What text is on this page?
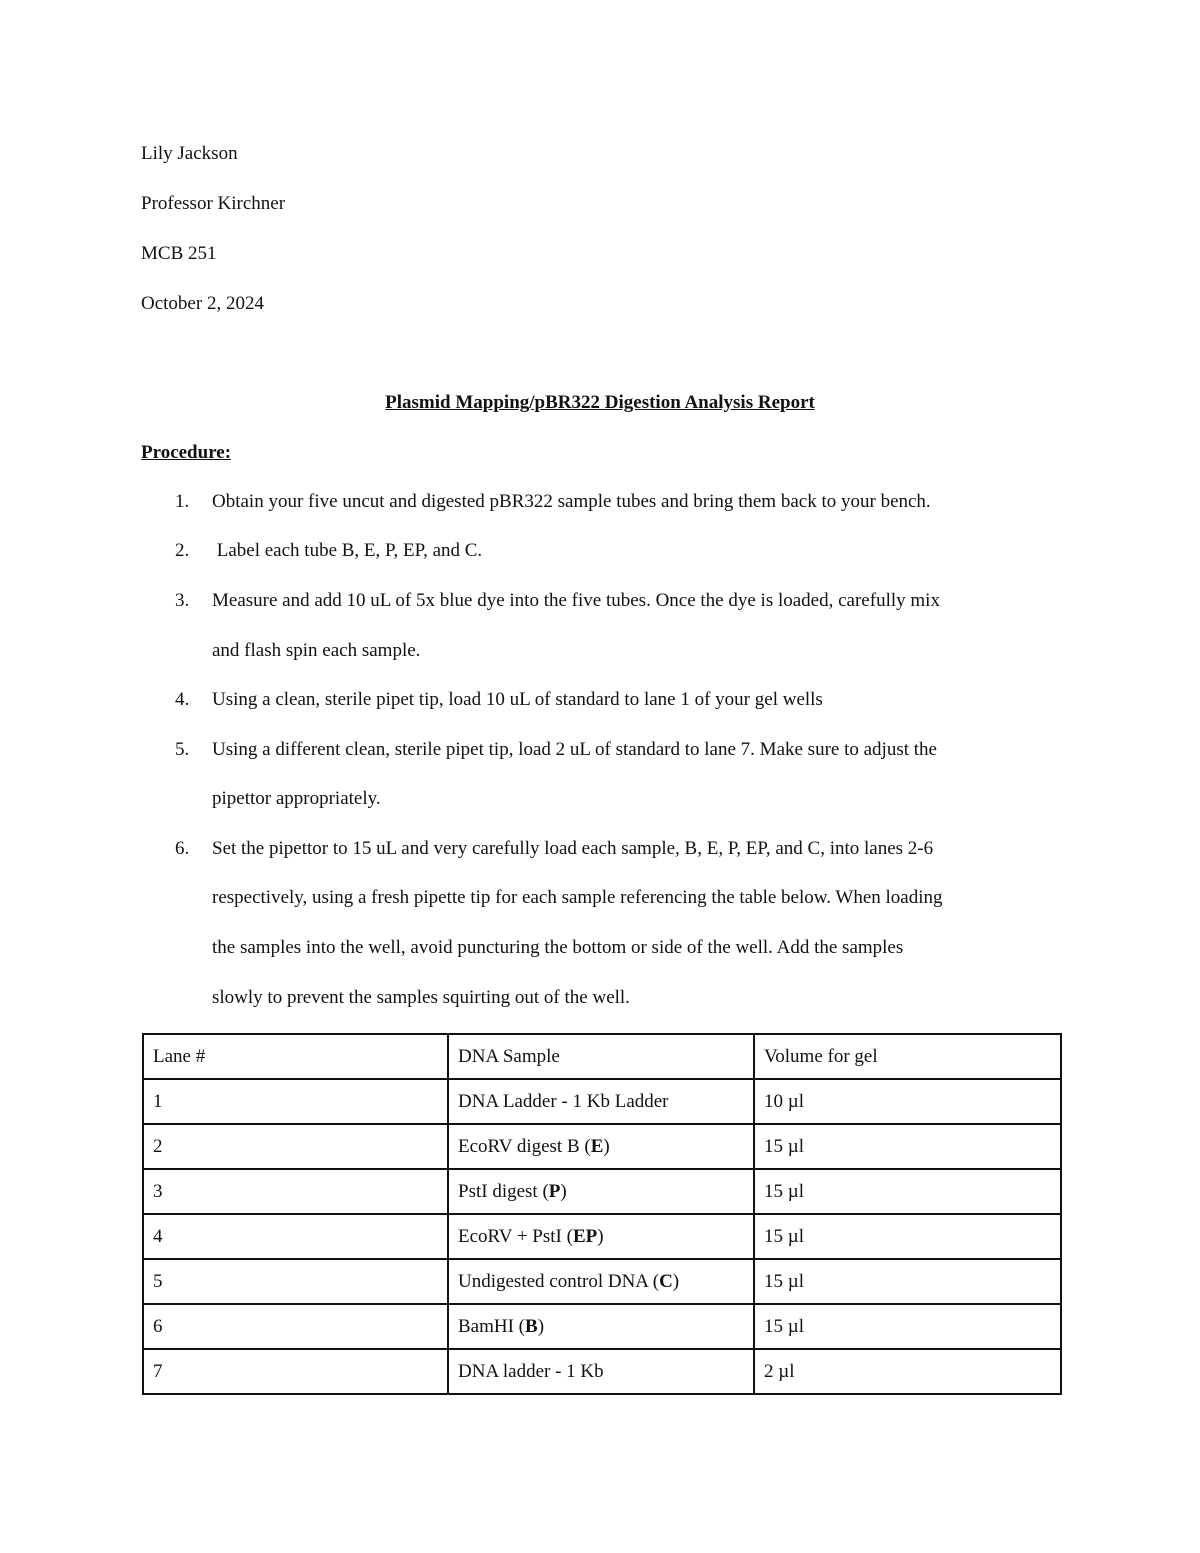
Lily Jackson
Professor Kirchner
MCB 251
October 2, 2024
Plasmid Mapping/pBR322 Digestion Analysis Report
Procedure:
1. Obtain your five uncut and digested pBR322 sample tubes and bring them back to your bench.
2. Label each tube B, E, P, EP, and C.
3. Measure and add 10 uL of 5x blue dye into the five tubes. Once the dye is loaded, carefully mix
and flash spin each sample.
4. Using a clean, sterile pipet tip, load 10 uL of standard to lane 1 of your gel wells
5. Using a different clean, sterile pipet tip, load 2 uL of standard to lane 7. Make sure to adjust the
pipettor appropriately.
6. Set the pipettor to 15 uL and very carefully load each sample, B, E, P, EP, and C, into lanes 2-6
respectively, using a fresh pipette tip for each sample referencing the table below. When loading
the samples into the well, avoid puncturing the bottom or side of the well. Add the samples
slowly to prevent the samples squirting out of the well.
Lane #	DNA Sample	Volume for gel
1	DNA Ladder - 1 Kb Ladder	10 µl
2	EcoRV digest B (E)	15 µl
3	PstI digest (P)	15 µl
4	EcoRV + PstI (EP)	15 µl
5	Undigested control DNA (C)	15 µl
6	BamHI (B)	15 µl
7	DNA ladder - 1 Kb	2 µl
